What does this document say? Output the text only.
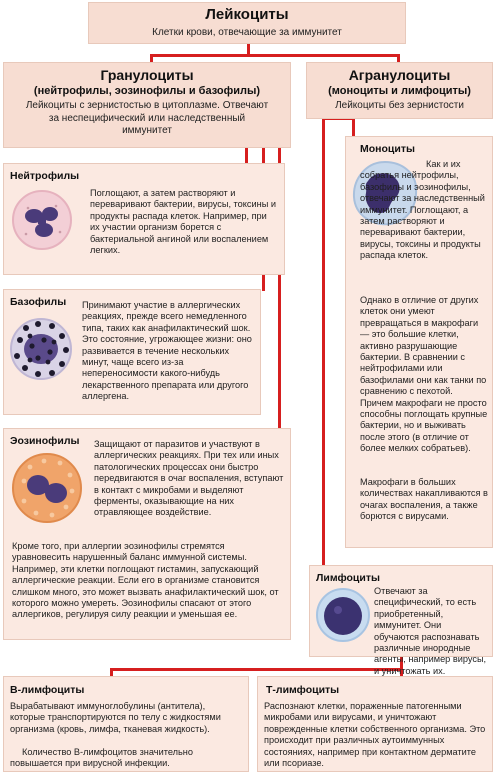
Лейкоциты
Клетки крови, отвечающие за иммунитет
Гранулоциты
(нейтрофилы, эозинофилы и базофилы)
Лейкоциты с зернистостью в цитоплазме. Отвечают за неспецифический или наследственный иммунитет
Агранулоциты
(моноциты и лимфоциты)
Лейкоциты без зернистости
Нейтрофилы
Поглощают, а затем растворяют и переваривают бактерии, вирусы, токсины и продукты распада клеток. Например, при их участии организм борется с бактериальной ангиной или воспалением легких.
Базофилы Принимают участие в аллергических реакциях, прежде всего немедленного типа, таких как анафилактический шок. Это состояние, угрожающее жизни: оно развивается в течение нескольких минут, чаще всего из-за непереносимости какого-нибудь лекарственного препарата или другого аллергена.
Эозинофилы Защищают от паразитов и участвуют в аллергических реакциях. При тех или иных патологических процессах они быстро передвигаются в очаг воспаления, вступают в контакт с микробами и выделяют ферменты, оказывающие на них отравляющее воздействие.
Кроме того, при аллергии эозинофилы стремятся уравновесить нарушенный баланс иммунной системы. Например, эти клетки поглощают гистамин, запускающий аллергические реакции. Если его в организме становится слишком много, это может вызвать анафилактический шок, от которого можно умереть. Эозинофилы спасают от этого аллергиков, регулируя силу реакции и уменьшая ее.
Моноциты
Как и их собратья нейтрофилы, базофилы и эозинофилы, отвечают за наследственный иммунитет. Поглощают, а затем растворяют и переваривают бактерии, вирусы, токсины и продукты распада клеток.
Однако в отличие от других клеток они умеют превращаться в макрофаги — это большие клетки, активно разрушающие бактерии. В сравнении с нейтрофилами или базофилами они как танки по сравнению с пехотой. Причем макрофаги не просто способны поглощать крупные бактерии, но и выживать после этого (в отличие от более мелких собратьев).
Макрофаги в больших количествах накапливаются в очагах воспаления, а также борются с вирусами.
Лимфоциты
Отвечают за специфический, то есть приобретенный, иммунитет. Они обучаются распознавать различные инородные агенты, например вирусы, и уничтожать их.
В-лимфоциты
Вырабатывают иммуноглобулины (антитела), которые транспортируются по телу с жидкостями организма (кровь, лимфа, тканевая жидкость).
Количество В-лимфоцитов значительно повышается при вирусной инфекции.
Т-лимфоциты
Распознают клетки, пораженные патогенными микробами или вирусами, и уничтожают поврежденные клетки собственного организма. Это происходит при различных аутоиммунных состояниях, например при контактном дерматите или псориазе.
